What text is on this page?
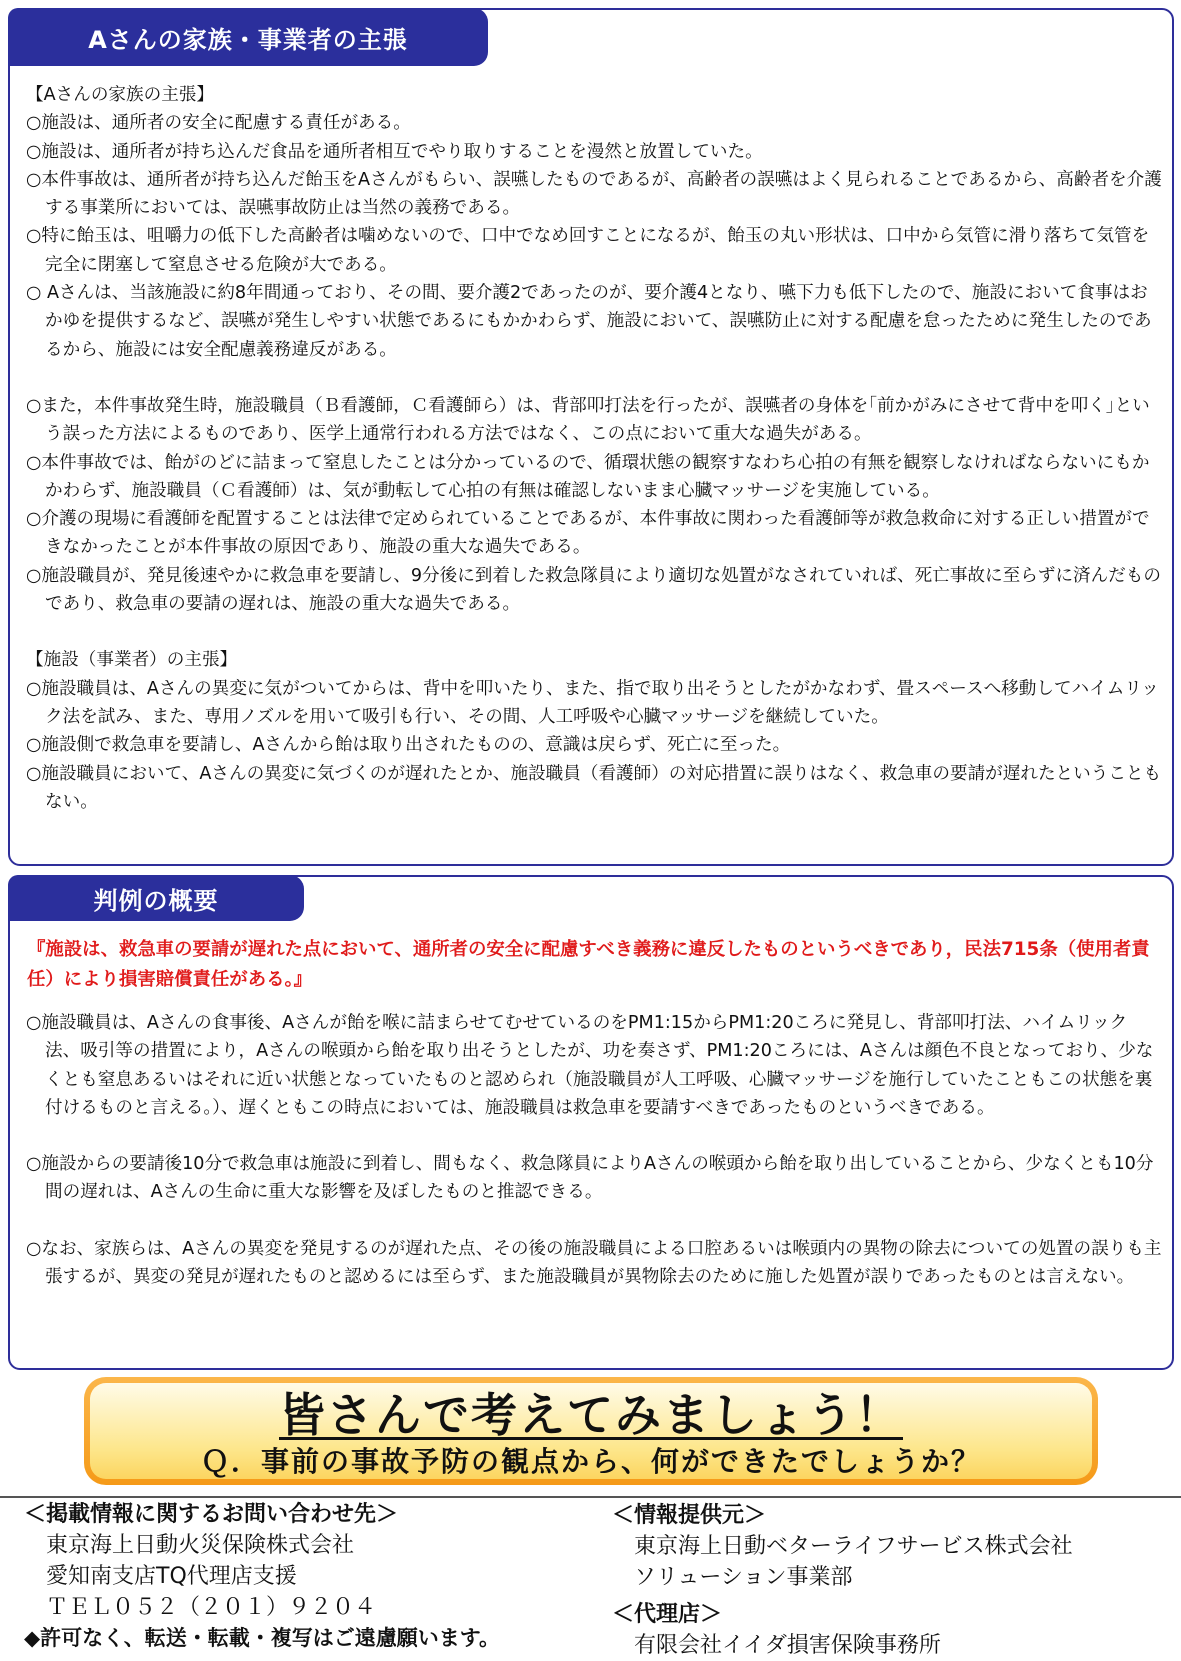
Aさんの家族・事業者の主張

【Aさんの家族の主張】

○施設は、通所者の安全に配慮する責任がある。

○施設は、通所者が持ち込んだ食品を通所者相互でやり取りすることを漫然と放置していた。

○本件事故は、通所者が持ち込んだ飴玉をAさんがもらい、誤嚥したものであるが、高齢者の誤嚥はよく見られることであるから、高齢者を介護する事業所においては、誤嚥事故防止は当然の義務である。

○特に飴玉は、咀嚼力の低下した高齢者は噛めないので、口中でなめ回すことになるが、飴玉の丸い形状は、口中から気管に滑り落ちて気管を完全に閉塞して窒息させる危険が大である。

○ Aさんは、当該施設に約8年間通っており、その間、要介護2であったのが、要介護4となり、嚥下力も低下したので、施設において食事はおかゆを提供するなど、誤嚥が発生しやすい状態であるにもかかわらず、施設において、誤嚥防止に対する配慮を怠ったために発生したのであるから、施設には安全配慮義務違反がある。

○また，本件事故発生時，施設職員（Ｂ看護師，Ｃ看護師ら）は、背部叩打法を行ったが、誤嚥者の身体を｢前かがみにさせて背中を叩く｣という誤った方法によるものであり、医学上通常行われる方法ではなく、この点において重大な過失がある。

○本件事故では、飴がのどに詰まって窒息したことは分かっているので、循環状態の観察すなわち心拍の有無を観察しなければならないにもかかわらず、施設職員（Ｃ看護師）は、気が動転して心拍の有無は確認しないまま心臓マッサージを実施している。

○介護の現場に看護師を配置することは法律で定められていることであるが、本件事故に関わった看護師等が救急救命に対する正しい措置ができなかったことが本件事故の原因であり、施設の重大な過失である。

○施設職員が、発見後速やかに救急車を要請し、9分後に到着した救急隊員により適切な処置がなされていれば、死亡事故に至らずに済んだものであり、救急車の要請の遅れは、施設の重大な過失である。

【施設（事業者）の主張】

○施設職員は、Aさんの異変に気がついてからは、背中を叩いたり、また、指で取り出そうとしたがかなわず、畳スペースへ移動してハイムリック法を試み、また、専用ノズルを用いて吸引も行い、その間、人工呼吸や心臓マッサージを継続していた。

○施設側で救急車を要請し、Aさんから飴は取り出されたものの、意識は戻らず、死亡に至った。

○施設職員において、Aさんの異変に気づくのが遅れたとか、施設職員（看護師）の対応措置に誤りはなく、救急車の要請が遅れたということもない。

判例の概要

『施設は、救急車の要請が遅れた点において、通所者の安全に配慮すべき義務に違反したものというべきであり，民法715条（使用者責任）により損害賠償責任がある。』

○施設職員は、Aさんの食事後、Aさんが飴を喉に詰まらせてむせているのをPM1:15からPM1:20ころに発見し、背部叩打法、ハイムリック法、吸引等の措置により，Aさんの喉頭から飴を取り出そうとしたが、功を奏さず、PM1:20ころには、Aさんは顔色不良となっており、少なくとも窒息あるいはそれに近い状態となっていたものと認められ（施設職員が人工呼吸、心臓マッサージを施行していたこともこの状態を裏付けるものと言える。）、遅くともこの時点においては、施設職員は救急車を要請すべきであったものというべきである。

○施設からの要請後10分で救急車は施設に到着し、間もなく、救急隊員によりAさんの喉頭から飴を取り出していることから、少なくとも10分間の遅れは、Aさんの生命に重大な影響を及ぼしたものと推認できる。

○なお、家族らは、Aさんの異変を発見するのが遅れた点、その後の施設職員による口腔あるいは喉頭内の異物の除去についての処置の誤りも主張するが、異変の発見が遅れたものと認めるには至らず、また施設職員が異物除去のために施した処置が誤りであったものとは言えない。

皆さんで考えてみましょう！
Ｑ．事前の事故予防の観点から、何ができたでしょうか？
＜掲載情報に関するお問い合わせ先＞
東京海上日動火災保険株式会社
愛知南支店TQ代理店支援
ＴＥＬ０５２（２０１）９２０４
◆許可なく、転送・転載・複写はご遠慮願います。
＜情報提供元＞
東京海上日動ベターライフサービス株式会社
ソリューション事業部
＜代理店＞
有限会社イイダ損害保険事務所
